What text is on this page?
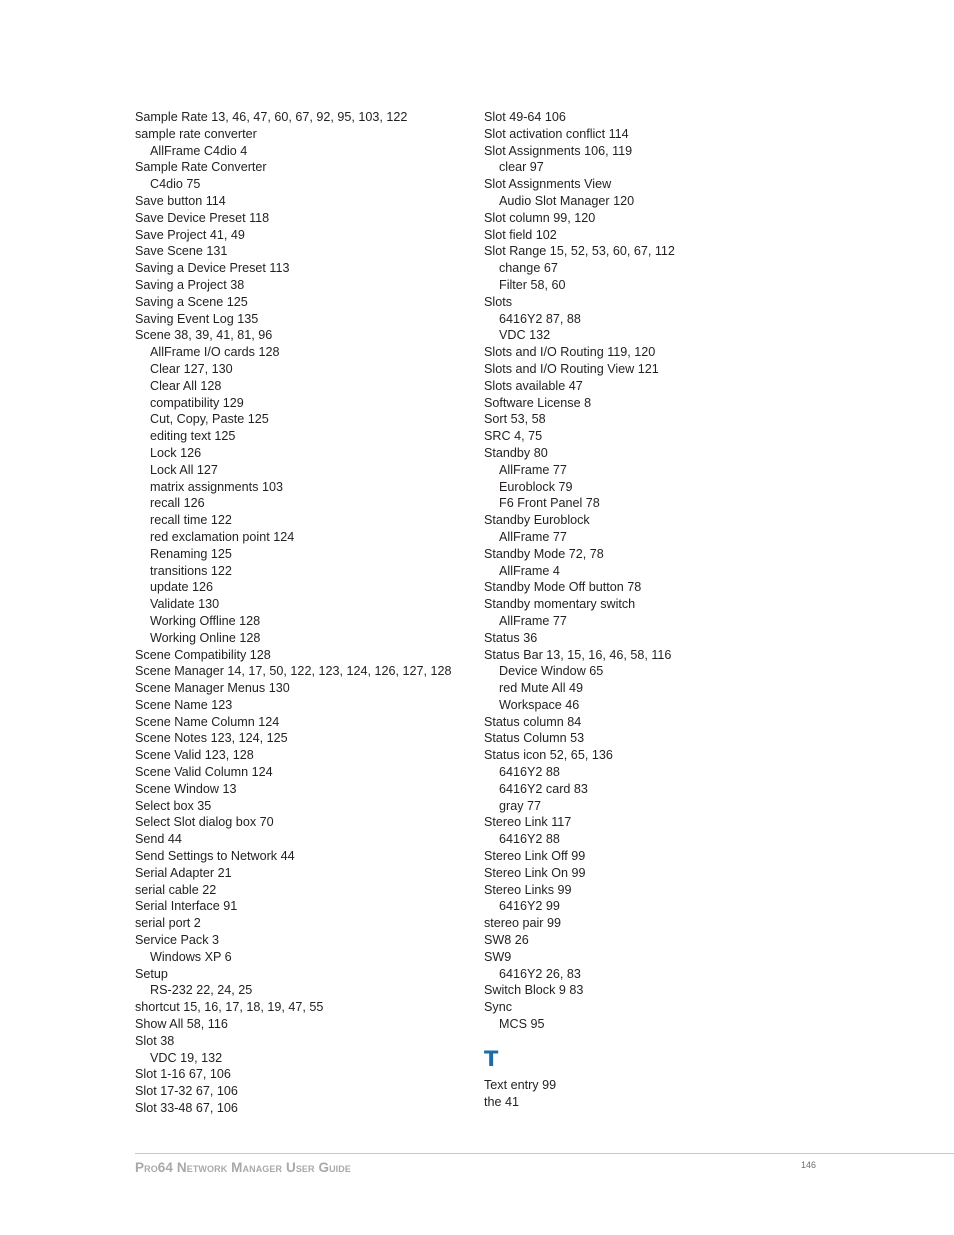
Sample Rate 13, 46, 47, 60, 67, 92, 95, 103, 122
sample rate converter
AllFrame C4dio 4
Sample Rate Converter
C4dio 75
Save button 114
Save Device Preset 118
Save Project 41, 49
Save Scene 131
Saving a Device Preset 113
Saving a Project 38
Saving a Scene 125
Saving Event Log 135
Scene 38, 39, 41, 81, 96
AllFrame I/O cards 128
Clear 127, 130
Clear All 128
compatibility 129
Cut, Copy, Paste 125
editing text 125
Lock 126
Lock All 127
matrix assignments 103
recall 126
recall time 122
red exclamation point 124
Renaming 125
transitions 122
update 126
Validate 130
Working Offline 128
Working Online 128
Scene Compatibility 128
Scene Manager 14, 17, 50, 122, 123, 124, 126, 127, 128
Scene Manager Menus 130
Scene Name 123
Scene Name Column 124
Scene Notes 123, 124, 125
Scene Valid 123, 128
Scene Valid Column 124
Scene Window 13
Select box 35
Select Slot dialog box 70
Send 44
Send Settings to Network 44
Serial Adapter 21
serial cable 22
Serial Interface 91
serial port 2
Service Pack 3
Windows XP 6
Setup
RS-232 22, 24, 25
shortcut 15, 16, 17, 18, 19, 47, 55
Show All 58, 116
Slot 38
VDC 19, 132
Slot 1-16 67, 106
Slot 17-32 67, 106
Slot 33-48 67, 106
Slot 49-64 106
Slot activation conflict 114
Slot Assignments 106, 119
clear 97
Slot Assignments View
Audio Slot Manager 120
Slot column 99, 120
Slot field 102
Slot Range 15, 52, 53, 60, 67, 112
change 67
Filter 58, 60
Slots
6416Y2 87, 88
VDC 132
Slots and I/O Routing 119, 120
Slots and I/O Routing View 121
Slots available 47
Software License 8
Sort 53, 58
SRC 4, 75
Standby 80
AllFrame 77
Euroblock 79
F6 Front Panel 78
Standby Euroblock
AllFrame 77
Standby Mode 72, 78
AllFrame 4
Standby Mode Off button 78
Standby momentary switch
AllFrame 77
Status 36
Status Bar 13, 15, 16, 46, 58, 116
Device Window 65
red Mute All 49
Workspace 46
Status column 84
Status Column 53
Status icon 52, 65, 136
6416Y2 88
6416Y2 card 83
gray 77
Stereo Link 117
6416Y2 88
Stereo Link Off 99
Stereo Link On 99
Stereo Links 99
6416Y2 99
stereo pair 99
SW8 26
SW9
6416Y2 26, 83
Switch Block 9 83
Sync
MCS 95
T
Text entry 99
the 41
Pro64 Network Manager User Guide	146
